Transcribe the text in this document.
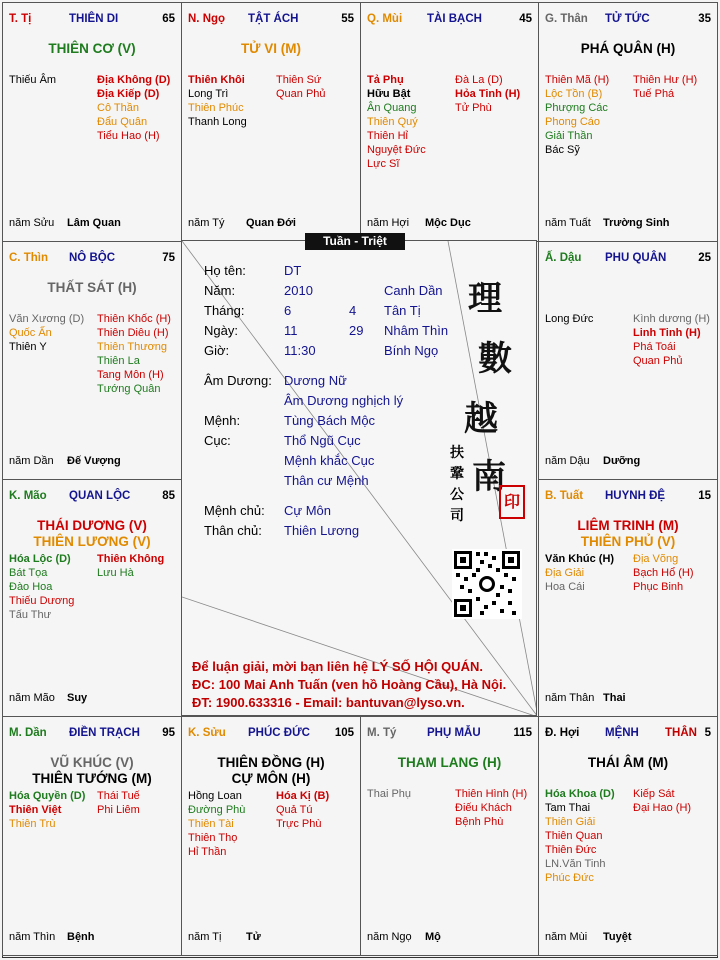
T. Tị	THIÊN DI	65
THIÊN CƠ (V)
Thiếu Âm	Địa Không (D)
Địa Kiếp (D)
Cô Thần
Đẩu Quân
Tiểu Hao (H)
năm Sửu Lâm Quan
N. Ngọ TẬT ÁCH	55
TỬ VI (M)
Thiên Khôi
Long Trì
Thiên Phúc
Thanh Long
Thiên Sứ
Quan Phủ
năm Tý Quan Đới
Q. Mùi TÀI BẠCH	45
Tả Phụ
Hữu Bật
Ân Quang
Thiên Quý
Thiên Hỉ
Nguyệt Đức
Lực Sĩ
Đà La (D)
Hỏa Tinh (H)
Tử Phù
năm Hợi Mộc Dục
G. Thân TỬ TỨC	35
PHÁ QUÂN (H)
Thiên Mã (H)
Lộc Tồn (B)
Phượng Các
Phong Cáo
Giải Thần
Bác Sỹ
Thiên Hư (H)
Tuế Phá
năm Tuất Trường Sinh
C. Thìn NÔ BỘC	75
THẤT SÁT (H)
Văn Xương (D)
Quốc Ấn
Thiên Y
Thiên Khốc (H)
Thiên Diêu (H)
Thiên Thương
Thiên La
Tang Môn (H)
Tướng Quân
năm Dần Đế Vượng
Ấ. Dậu PHU QUÂN	25
Long Đức	Kình dương (H)
Linh Tinh (H)
Phá Toái
Quan Phủ
năm Dậu Dưỡng
K. Mão QUAN LỘC	85
THÁI DƯƠNG (V)
THIÊN LƯƠNG (V)
Hóa Lộc (D)
Bát Tọa
Đào Hoa
Thiếu Dương
Tấu Thư
Thiên Không
Lưu Hà
năm Mão Suy
B. Tuất HUYNH ĐỆ	15
LIÊM TRINH (M)
THIÊN PHỦ (V)
Văn Khúc (H)
Địa Giải
Hoa Cái
Địa Võng
Bạch Hổ (H)
Phục Binh
năm Thân Thai
M. Dần ĐIỀN TRẠCH 95
VŨ KHÚC (V)
THIÊN TƯỚNG (M)
Hóa Quyền (D)
Thiên Việt
Thiên Trù
Thái Tuế
Phi Liêm
năm Thìn Bệnh
K. Sửu PHÚC ĐỨC 105
THIÊN ĐỒNG (H)
CỰ MÔN (H)
Hồng Loan
Đường Phù
Thiên Tài
Thiên Thọ
Hỉ Thần
Hóa Kị (B)
Quả Tú
Trực Phù
năm Tị Tử
M. Tý	PHỤ MẪU	115
THAM LANG (H)
Thai Phụ	Thiên Hình (H)
Điếu Khách
Bệnh Phù
năm Ngọ Mộ
Đ. Hợi MỆNH THÂN 5
THÁI ÂM (M)
Hóa Khoa (D)
Tam Thai
Thiên Giải
Thiên Quan
Thiên Đức
LN.Văn Tinh
Phúc Đức
Kiếp Sát
Đại Hao (H)
năm Mùi Tuyệt
Họ tên:	DT
Năm:	2010	Canh Dần
Tháng:	6	4 Tân Tị
Ngày:	11	29 Nhâm Thìn
Giờ:	11:30	Bính Ngọ
Âm Dương: Dương Nữ
Âm Dương nghịch lý
Mệnh:	Tùng Bách Mộc
Cục:	Thổ Ngũ Cục
Mệnh khắc Cục
Thân cư Mệnh
Mệnh chủ: Cự Môn
Thân chủ: Thiên Lương
理
數
越
南
扶
鞏
公
司
印
Để luận giải, mời bạn liên hệ LÝ SỐ HỘI QUÁN.
ĐC: 100 Mai Anh Tuấn (ven hồ Hoàng Cầu), Hà Nội.
ĐT: 1900.633316 - Email: bantuvan@lyso.vn.
Tuần - Triệt
